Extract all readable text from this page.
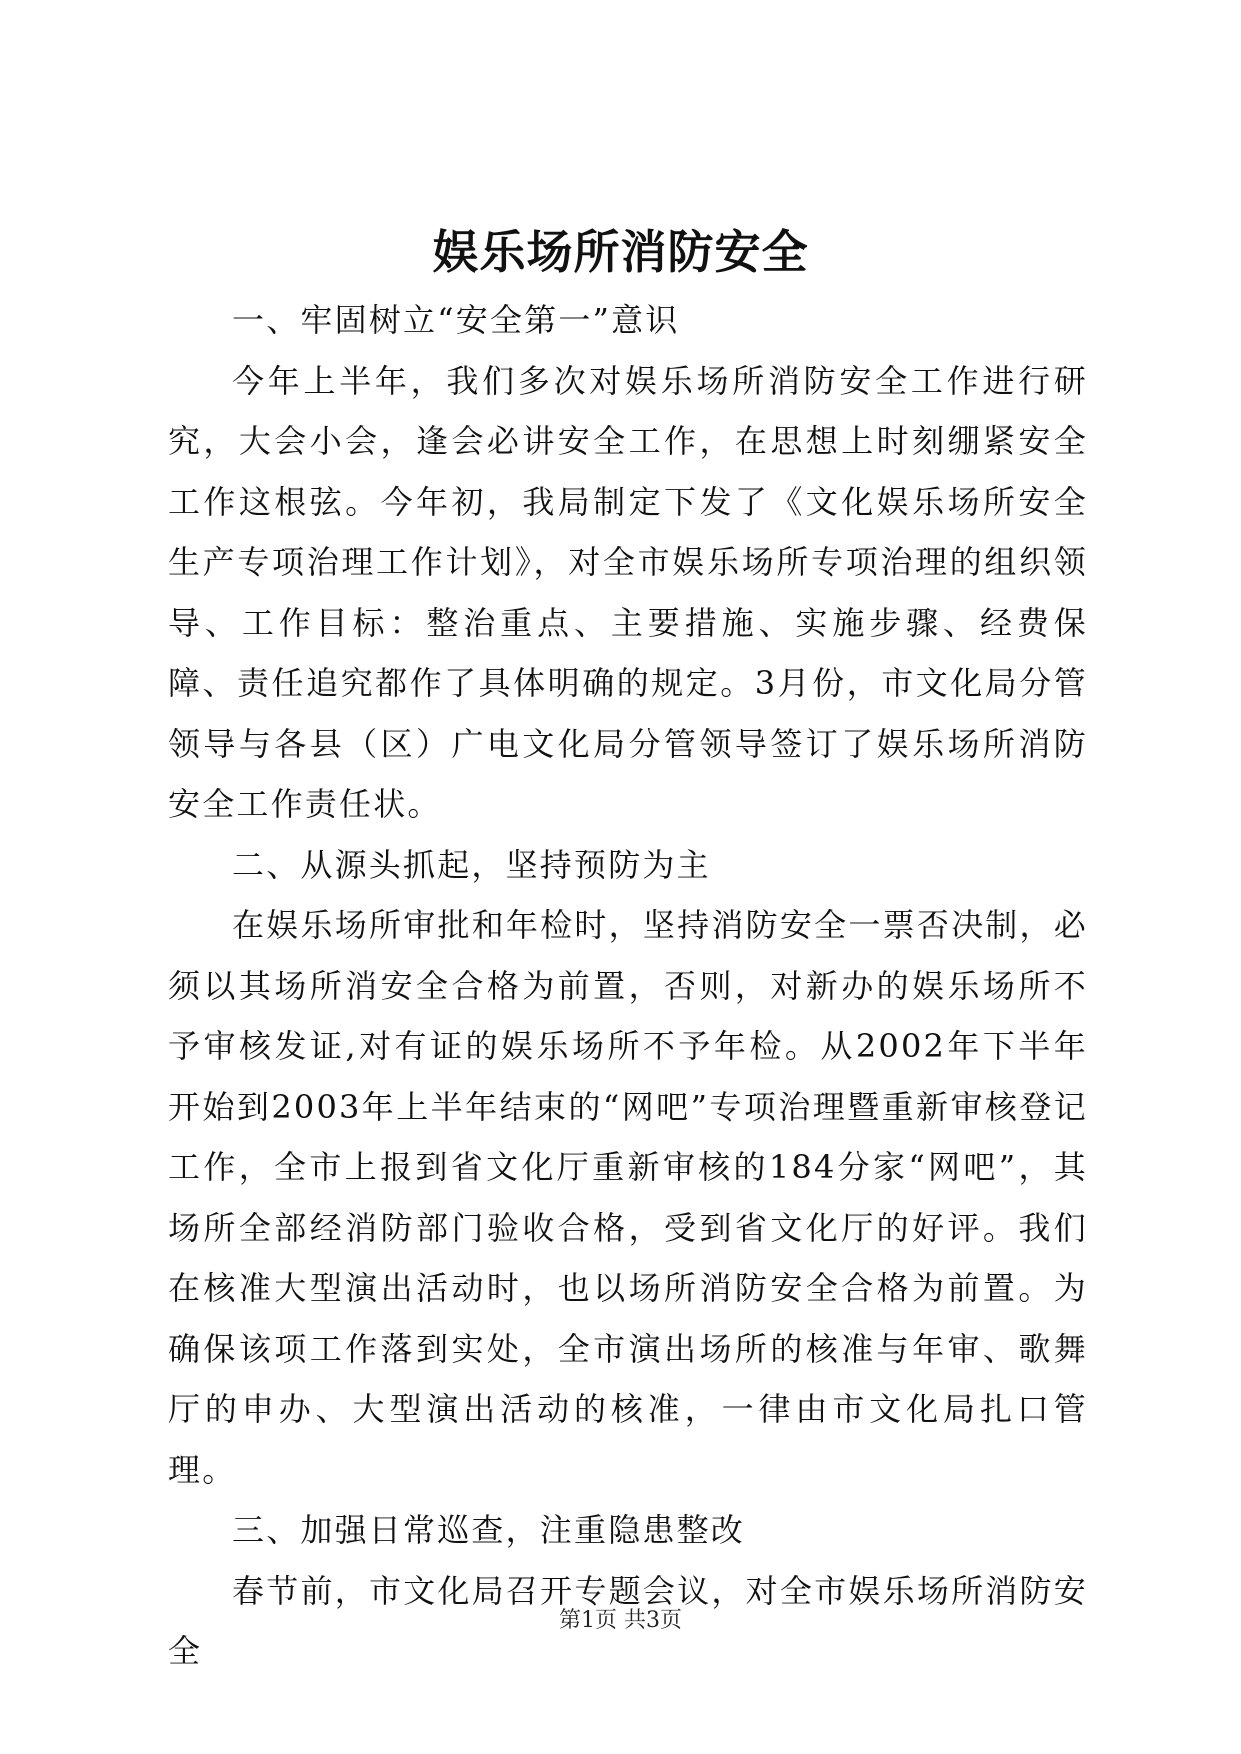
娱乐场所消防安全

一、牢固树立“安全第一”意识

今年上半年，我们多次对娱乐场所消防安全工作进行研究，大会小会，逢会必讲安全工作，在思想上时刻绷紧安全工作这根弦。今年初，我局制定下发了《文化娱乐场所安全生产专项治理工作计划》，对全市娱乐场所专项治理的组织领导、工作目标：整治重点、主要措施、实施步骤、经费保障、责任追究都作了具体明确的规定。3月份，市文化局分管领导与各县（区）广电文化局分管领导签订了娱乐场所消防安全工作责任状。

二、从源头抓起，坚持预防为主

在娱乐场所审批和年检时，坚持消防安全一票否决制，必须以其场所消安全合格为前置，否则，对新办的娱乐场所不予审核发证,对有证的娱乐场所不予年检。从2002年下半年开始到2003年上半年结束的“网吧”专项治理暨重新审核登记工作，全市上报到省文化厅重新审核的184分家“网吧”，其场所全部经消防部门验收合格，受到省文化厅的好评。我们在核准大型演出活动时，也以场所消防安全合格为前置。为确保该项工作落到实处，全市演出场所的核准与年审、歌舞厅的申办、大型演出活动的核准，一律由市文化局扎口管理。

三、加强日常巡查，注重隐患整改

春节前，市文化局召开专题会议，对全市娱乐场所消防安全

第1页 共3页
